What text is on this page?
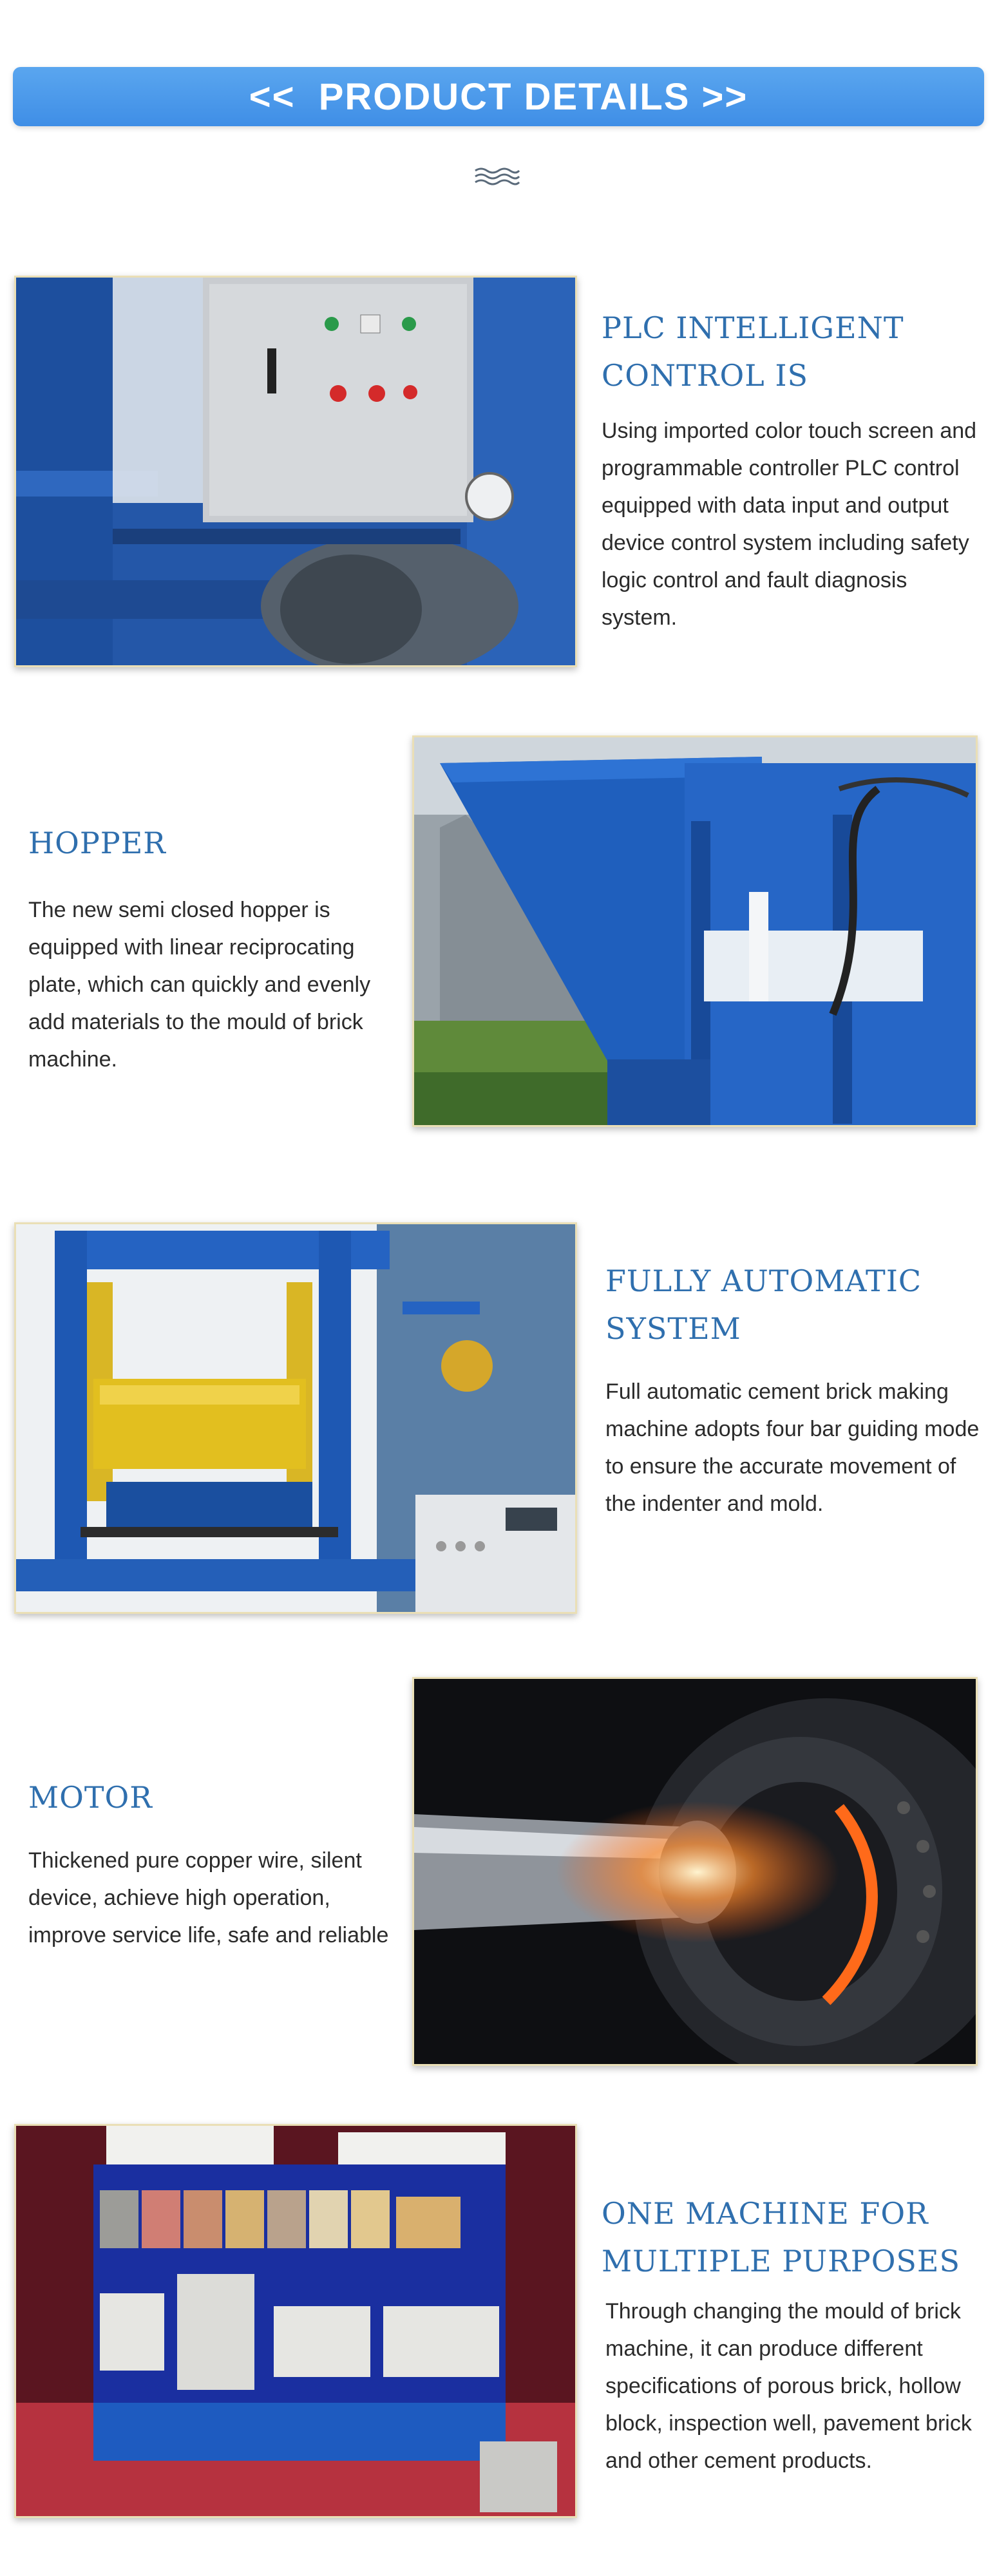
<<  PRODUCT DETAILS >>
PLC INTELLIGENT CONTROL IS

Using imported color touch screen and programmable controller PLC control equipped with data input and output device control system including safety logic control and fault diagnosis system.

HOPPER

The new semi closed hopper is equipped with linear reciprocating plate, which can quickly and evenly add materials to the mould of brick machine.

FULLY AUTOMATIC SYSTEM

Full automatic cement brick making machine adopts four bar guiding mode to ensure the accurate movement of the indenter and mold.

MOTOR

Thickened pure copper wire, silent device, achieve high operation, improve service life, safe and reliable

ONE MACHINE FOR MULTIPLE PURPOSES

Through changing the mould of brick machine, it can produce different specifications of porous brick, hollow block, inspection well, pavement brick and other cement products.
